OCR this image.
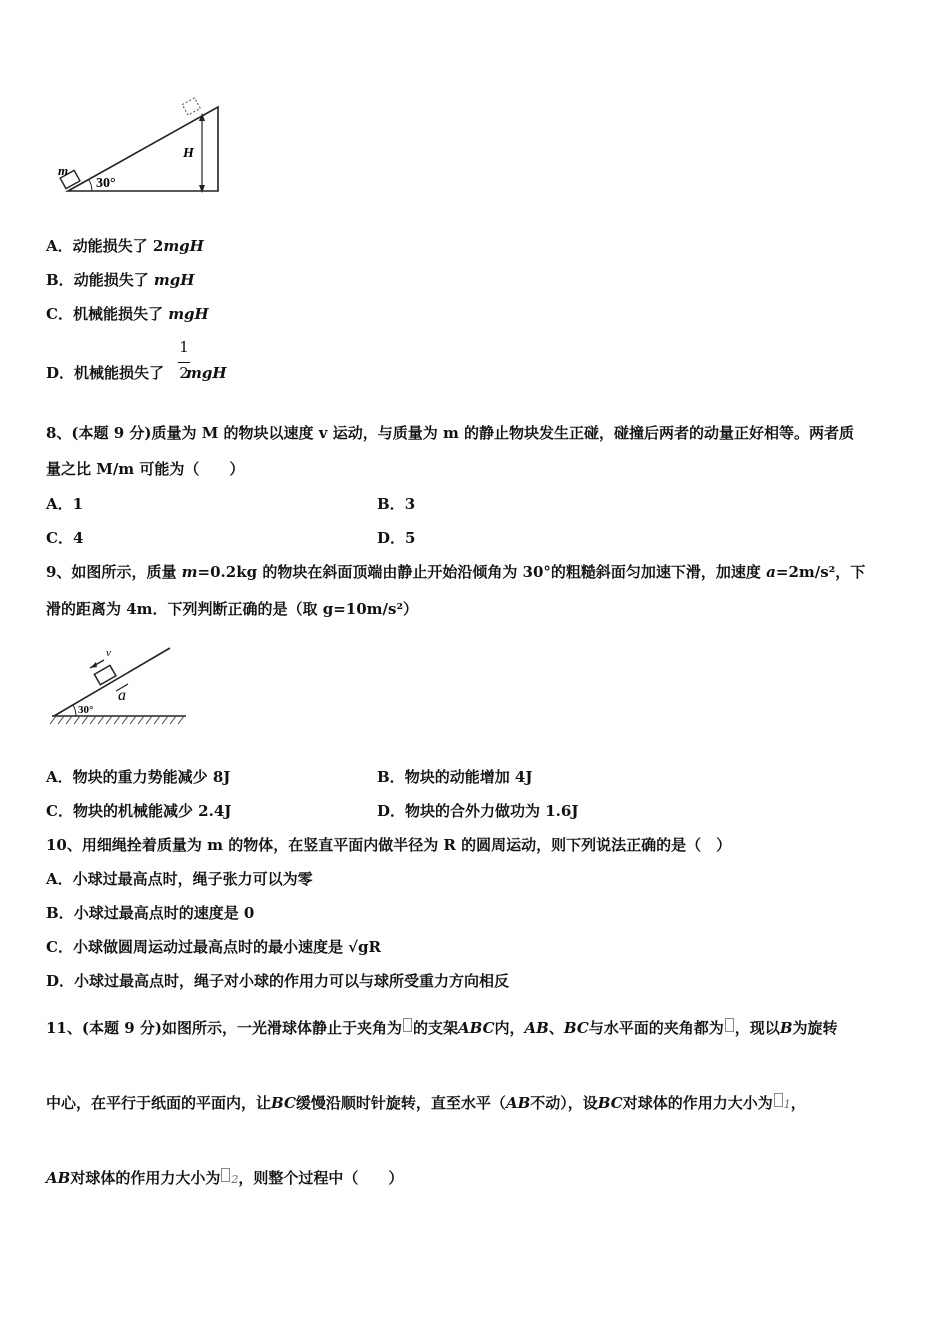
m
30°
H
A．动能损失了 2mgH
B．动能损失了 mgH
C．机械能损失了 mgH
D．机械能损失了 mgH
1
2
8、(本题 9 分)质量为 M 的物块以速度 v 运动，与质量为 m 的静止物块发生正碰，碰撞后两者的动量正好相等。两者质
量之比 M/m 可能为（　　）
A．1	B．3
C．4	D．5
9、如图所示，质量 m=0.2kg 的物块在斜面顶端由静止开始沿倾角为 30°的粗糙斜面匀加速下滑，加速度 a=2m/s²，下
滑的距离为 4m．下列判断正确的是（取 g=10m/s²）
v
a
30°
A．物块的重力势能减少 8J	B．物块的动能增加 4J
C．物块的机械能减少 2.4J	D．物块的合外力做功为 1.6J
10、用细绳拴着质量为 m 的物体，在竖直平面内做半径为 R 的圆周运动，则下列说法正确的是（　）
A．小球过最高点时，绳子张力可以为零
B．小球过最高点时的速度是 0
C．小球做圆周运动过最高点时的最小速度是 √gR
D．小球过最高点时，绳子对小球的作用力可以与球所受重力方向相反
11、(本题 9 分)如图所示，一光滑球体静止于夹角为 的支架ABC内，AB、BC与水平面的夹角都为 ，现以B为旋转
中心，在平行于纸面的平面内，让BC缓慢沿顺时针旋转，直至水平（AB不动），设BC对球体的作用力大小为 1，
AB对球体的作用力大小为 2，则整个过程中（　　）
